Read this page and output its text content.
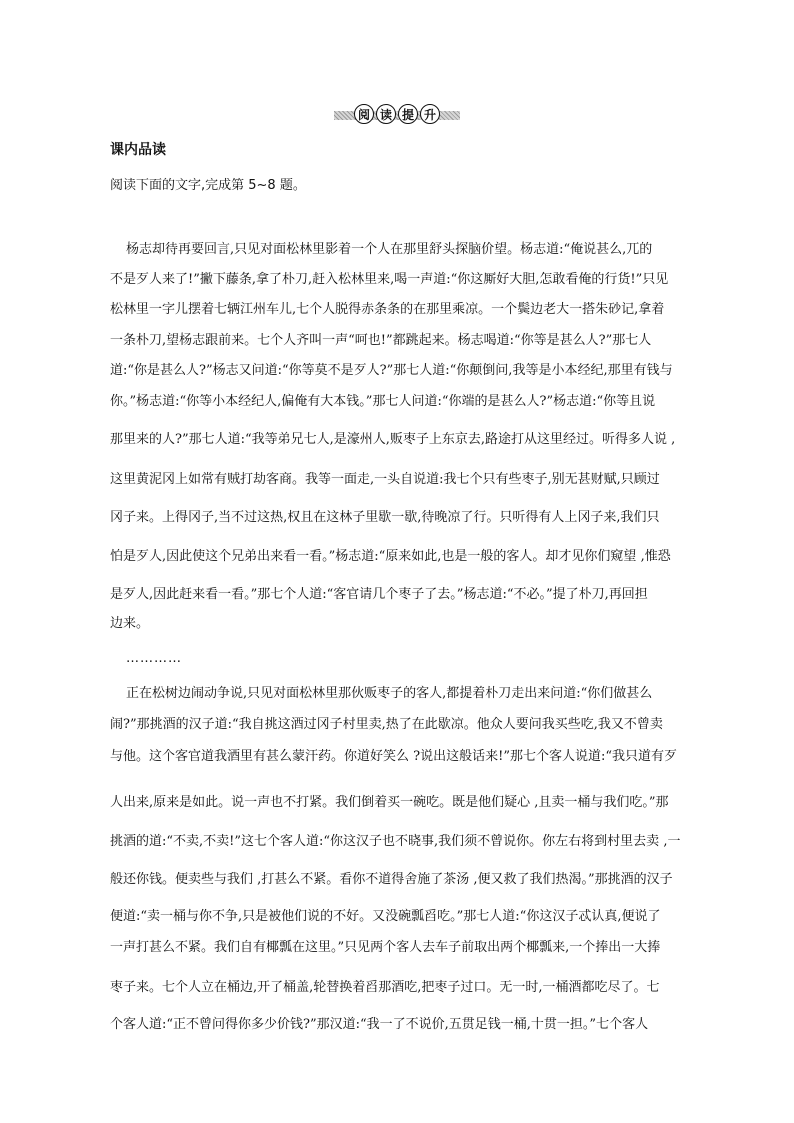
阅 读 提 升
课内品读
阅读下面的文字,完成第 5~8 题。
杨志却待再要回言,只见对面松林里影着一个人在那里舒头探脑价望。杨志道:“俺说甚么,兀的
不是歹人来了!”撇下藤条,拿了朴刀,赶入松林里来,喝一声道:“你这厮好大胆,怎敢看俺的行货!”只见
松林里一字儿摆着七辆江州车儿,七个人脱得赤条条的在那里乘凉。一个鬓边老大一搭朱砂记,拿着
一条朴刀,望杨志跟前来。七个人齐叫一声“呵也!”都跳起来。杨志喝道:“你等是甚么人?”那七人
道:“你是甚么人?”杨志又问道:“你等莫不是歹人?”那七人道:“你颠倒问,我等是小本经纪,那里有钱与
你。”杨志道:“你等小本经纪人,偏俺有大本钱。”那七人问道:“你端的是甚么人?”杨志道:“你等且说
那里来的人?”那七人道:“我等弟兄七人,是濠州人,贩枣子上东京去,路途打从这里经过。听得多人说 ,
这里黄泥冈上如常有贼打劫客商。我等一面走,一头自说道:我七个只有些枣子,别无甚财赋,只顾过
冈子来。上得冈子,当不过这热,权且在这林子里歇一歇,待晚凉了行。只听得有人上冈子来,我们只
怕是歹人,因此使这个兄弟出来看一看。”杨志道:“原来如此,也是一般的客人。却才见你们窥望 ,惟恐
是歹人,因此赶来看一看。”那七个人道:“客官请几个枣子了去。”杨志道:“不必。”提了朴刀,再回担
边来。
…………
正在松树边闹动争说,只见对面松林里那伙贩枣子的客人,都提着朴刀走出来问道:“你们做甚么
闹?”那挑酒的汉子道:“我自挑这酒过冈子村里卖,热了在此歇凉。他众人要问我买些吃,我又不曾卖
与他。这个客官道我酒里有甚么蒙汗药。你道好笑么 ?说出这般话来!”那七个客人说道:“我只道有歹
人出来,原来是如此。说一声也不打紧。我们倒着买一碗吃。既是他们疑心 ,且卖一桶与我们吃。”那
挑酒的道:“不卖,不卖!”这七个客人道:“你这汉子也不晓事,我们须不曾说你。你左右将到村里去卖 ,一
般还你钱。便卖些与我们 ,打甚么不紧。看你不道得舍施了茶汤 ,便又救了我们热渴。”那挑酒的汉子
便道:“卖一桶与你不争,只是被他们说的不好。又没碗瓢舀吃。”那七人道:“你这汉子忒认真,便说了
一声打甚么不紧。我们自有椰瓢在这里。”只见两个客人去车子前取出两个椰瓢来,一个捧出一大捧
枣子来。七个人立在桶边,开了桶盖,轮替换着舀那酒吃,把枣子过口。无一时,一桶酒都吃尽了。七
个客人道:“正不曾问得你多少价钱?”那汉道:“我一了不说价,五贯足钱一桶,十贯一担。”七个客人
